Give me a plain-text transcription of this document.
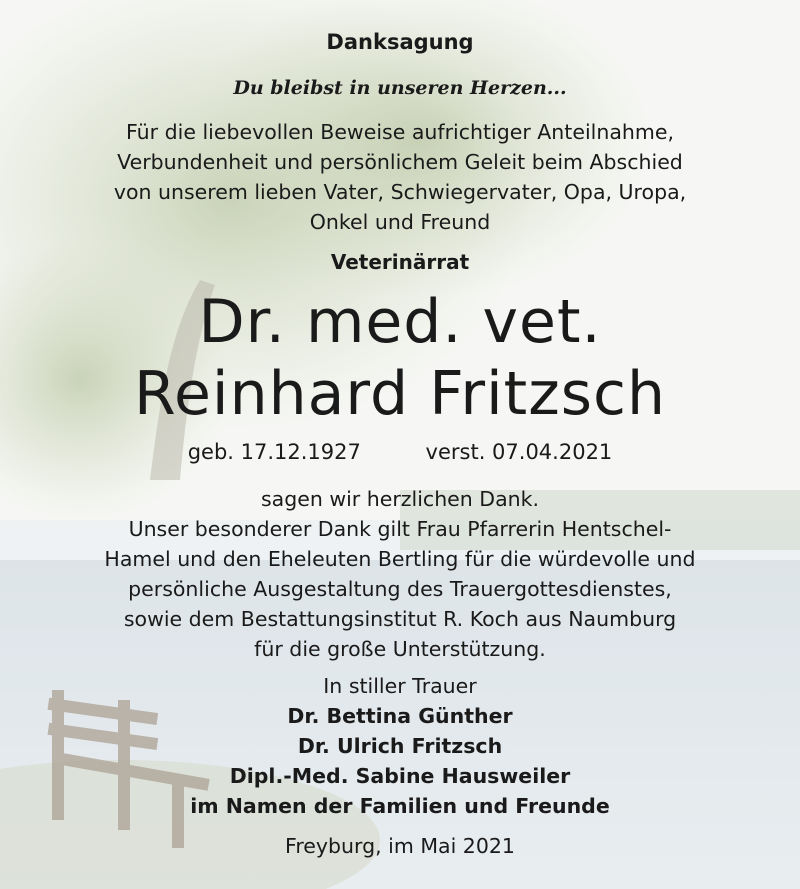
Danksagung
Du bleibst in unseren Herzen...
Für die liebevollen Beweise aufrichtiger Anteilnahme,
Verbundenheit und persönlichem Geleit beim Abschied
von unserem lieben Vater, Schwiegervater, Opa, Uropa,
Onkel und Freund
Veterinärrat
Dr. med. vet.
Reinhard Fritzsch
geb. 17.12.1927	verst. 07.04.2021
sagen wir herzlichen Dank.
Unser besonderer Dank gilt Frau Pfarrerin Hentschel-
Hamel und den Eheleuten Bertling für die würdevolle und
persönliche Ausgestaltung des Trauergottesdienstes,
sowie dem Bestattungsinstitut R. Koch aus Naumburg
für die große Unterstützung.
In stiller Trauer
Dr. Bettina Günther
Dr. Ulrich Fritzsch
Dipl.-Med. Sabine Hausweiler
im Namen der Familien und Freunde
Freyburg, im Mai 2021
